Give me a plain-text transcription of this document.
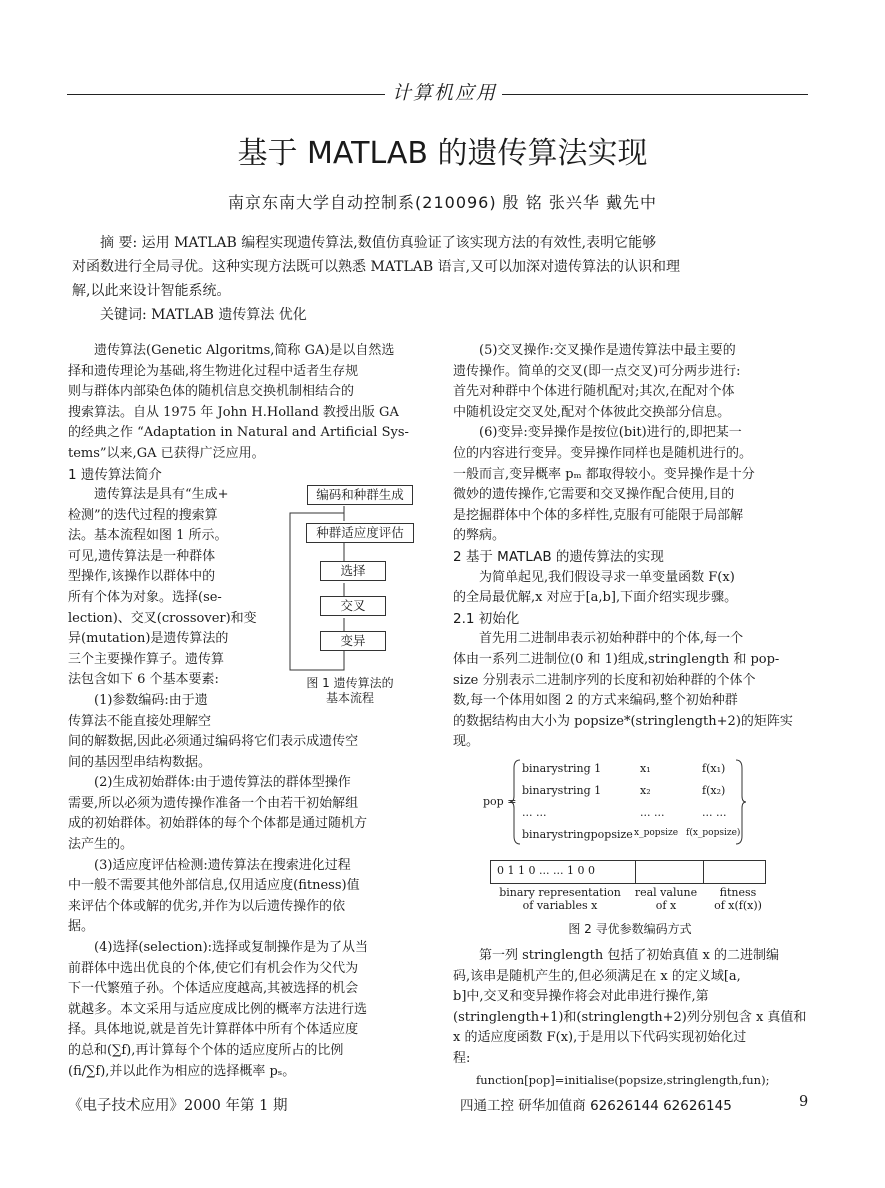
计算机应用
基于 MATLAB 的遗传算法实现
南京东南大学自动控制系(210096) 殷 铭 张兴华 戴先中
摘 要: 运用 MATLAB 编程实现遗传算法,数值仿真验证了该实现方法的有效性,表明它能够
对函数进行全局寻优。这种实现方法既可以熟悉 MATLAB 语言,又可以加深对遗传算法的认识和理
解,以此来设计智能系统。
关键词: MATLAB 遗传算法 优化

遗传算法(Genetic Algoritms,简称 GA)是以自然选

择和遗传理论为基础,将生物进化过程中适者生存规

则与群体内部染色体的随机信息交换机制相结合的

搜索算法。自从 1975 年 John H.Holland 教授出版 GA

的经典之作 “Adaptation in Natural and Artificial Sys-

tems”以来,GA 已获得广泛应用。

1 遗传算法简介

遗传算法是具有“生成+

检测”的迭代过程的搜索算

法。基本流程如图 1 所示。

可见,遗传算法是一种群体

型操作,该操作以群体中的

所有个体为对象。选择(se-

lection)、交叉(crossover)和变

异(mutation)是遗传算法的

三个主要操作算子。遗传算

法包含如下 6 个基本要素:

(1)参数编码:由于遗

传算法不能直接处理解空

编码和种群生成
种群适应度评估
选择
交叉
变异
图 1 遗传算法的
基本流程

间的解数据,因此必须通过编码将它们表示成遗传空

间的基因型串结构数据。

(2)生成初始群体:由于遗传算法的群体型操作

需要,所以必须为遗传操作准备一个由若干初始解组

成的初始群体。初始群体的每个个体都是通过随机方

法产生的。

(3)适应度评估检测:遗传算法在搜索进化过程

中一般不需要其他外部信息,仅用适应度(fitness)值

来评估个体或解的优劣,并作为以后遗传操作的依

据。

(4)选择(selection):选择或复制操作是为了从当

前群体中选出优良的个体,使它们有机会作为父代为

下一代繁殖子孙。个体适应度越高,其被选择的机会

就越多。本文采用与适应度成比例的概率方法进行选

择。具体地说,就是首先计算群体中所有个体适应度

的总和(∑f),再计算每个个体的适应度所占的比例

(fi/∑f),并以此作为相应的选择概率 pₛ。

(5)交叉操作:交叉操作是遗传算法中最主要的

遗传操作。简单的交叉(即一点交叉)可分两步进行:

首先对种群中个体进行随机配对;其次,在配对个体

中随机设定交叉处,配对个体彼此交换部分信息。

(6)变异:变异操作是按位(bit)进行的,即把某一

位的内容进行变异。变异操作同样也是随机进行的。

一般而言,变异概率 pₘ 都取得较小。变异操作是十分

微妙的遗传操作,它需要和交叉操作配合使用,目的

是挖掘群体中个体的多样性,克服有可能限于局部解

的弊病。

2 基于 MATLAB 的遗传算法的实现

为简单起见,我们假设寻求一单变量函数 F(x)

的全局最优解,x 对应于[a,b],下面介绍实现步骤。

2.1 初始化

首先用二进制串表示初始种群中的个体,每一个

体由一系列二进制位(0 和 1)组成,stringlength 和 pop-

size 分别表示二进制序列的长度和初始种群的个体个

数,每一个体用如图 2 的方式来编码,整个初始种群

的数据结构由大小为 popsize*(stringlength+2)的矩阵实

现。

pop =
binarystring 1	x₁	f(x₁)
binarystring 1	x₂	f(x₂)
... ...	... ...	... ...
binarystringpopsize x_popsize f(x_popsize)
0 1 1 0 ... ... 1 0 0
binary representation
of variables x
real valune
of x
fitness
of x(f(x))
图 2 寻优参数编码方式

第一列 stringlength 包括了初始真值 x 的二进制编

码,该串是随机产生的,但必须满足在 x 的定义域[a,

b]中,交叉和变异操作将会对此串进行操作,第

(stringlength+1)和(stringlength+2)列分别包含 x 真值和

x 的适应度函数 F(x),于是用以下代码实现初始化过

程:

function[pop]=initialise(popsize,stringlength,fun);

《电子技术应用》2000 年第 1 期	四通工控 研华加值商 62626144 62626145	9
